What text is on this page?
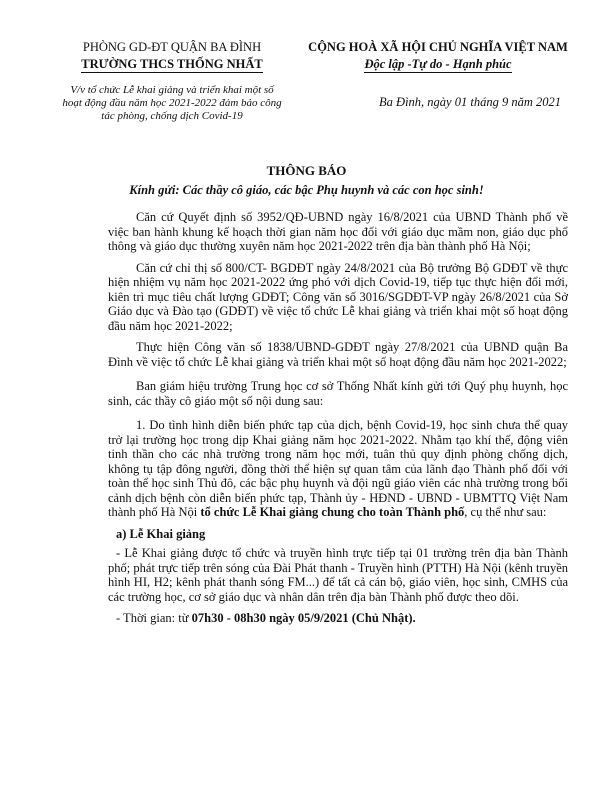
PHÒNG GD-ĐT QUẬN BA ĐÌNH
TRƯỜNG THCS THỐNG NHẤT
CỘNG HOÀ XÃ HỘI CHỦ NGHĨA VIỆT NAM
Độc lập -Tự do - Hạnh phúc
V/v tổ chức Lễ khai giảng và triển khai một số hoạt động đầu năm học 2021-2022 đảm bảo công tác phòng, chống dịch Covid-19
Ba Đình, ngày 01 tháng 9 năm 2021
THÔNG BÁO
Kính gửi: Các thầy cô giáo, các bậc Phụ huynh và các con học sinh!

Căn cứ Quyết định số 3952/QĐ-UBND ngày 16/8/2021 của UBND Thành phố về việc ban hành khung kế hoạch thời gian năm học đối với giáo dục mầm non, giáo dục phổ thông và giáo dục thường xuyên năm học 2021-2022 trên địa bàn thành phố Hà Nội;

Căn cứ chỉ thị số 800/CT- BGDĐT ngày 24/8/2021 của Bộ trưởng Bộ GDĐT về thực hiện nhiệm vụ năm học 2021-2022 ứng phó với dịch Covid-19, tiếp tục thực hiện đổi mới, kiên trì mục tiêu chất lượng GDĐT; Công văn số 3016/SGDĐT-VP ngày 26/8/2021 của Sở Giáo dục và Đào tạo (GDĐT) về việc tổ chức Lễ khai giảng và triển khai một số hoạt động đầu năm học 2021-2022;

Thực hiện Công văn số 1838/UBND-GDĐT ngày 27/8/2021 của UBND quận Ba Đình về việc tổ chức Lễ khai giảng và triển khai một số hoạt động đầu năm học 2021-2022;

Ban giám hiệu trường Trung học cơ sở Thống Nhất kính gửi tới Quý phụ huynh, học sinh, các thầy cô giáo một số nội dung sau:

1. Do tình hình diễn biến phức tạp của dịch, bệnh Covid-19, học sinh chưa thể quay trở lại trường học trong dịp Khai giảng năm học 2021-2022. Nhằm tạo khí thế, động viên tinh thần cho các nhà trường trong năm học mới, tuân thủ quy định phòng chống dịch, không tụ tập đông người, đồng thời thể hiện sự quan tâm của lãnh đạo Thành phố đối với toàn thể học sinh Thủ đô, các bậc phụ huynh và đội ngũ giáo viên các nhà trường trong bối cảnh dịch bệnh còn diễn biến phức tạp, Thành ủy - HĐND - UBND - UBMTTQ Việt Nam thành phố Hà Nội tổ chức Lễ Khai giảng chung cho toàn Thành phố, cụ thể như sau:

a) Lễ Khai giảng

- Lễ Khai giảng được tổ chức và truyền hình trực tiếp tại 01 trường trên địa bàn Thành phố; phát trực tiếp trên sóng của Đài Phát thanh - Truyền hình (PTTH) Hà Nội (kênh truyền hình HI, H2; kênh phát thanh sóng FM...) để tất cả cán bộ, giáo viên, học sinh, CMHS của các trường học, cơ sở giáo dục và nhân dân trên địa bàn Thành phố được theo dõi.

- Thời gian: từ 07h30 - 08h30 ngày 05/9/2021 (Chủ Nhật).
